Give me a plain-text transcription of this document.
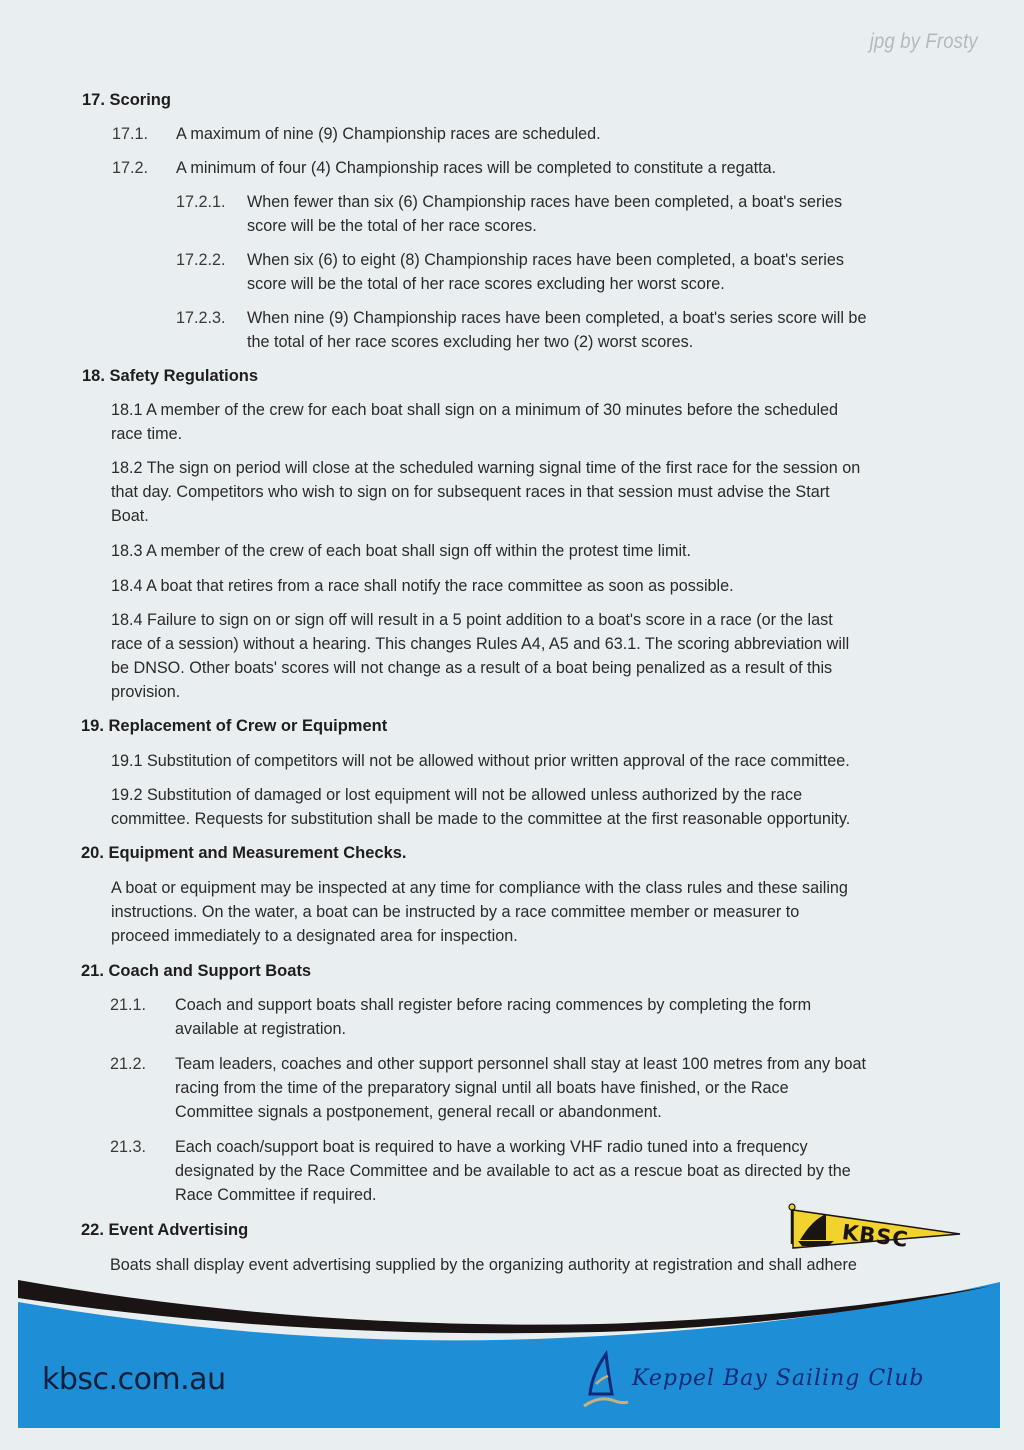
jpg by Frosty
KBSC
17. Scoring
17.1. A maximum of nine (9) Championship races are scheduled.
17.2. A minimum of four (4) Championship races will be completed to constitute a regatta.
17.2.1. When fewer than six (6) Championship races have been completed, a boat's series
score will be the total of her race scores.
17.2.2. When six (6) to eight (8) Championship races have been completed, a boat's series
score will be the total of her race scores excluding her worst score.
17.2.3. When nine (9) Championship races have been completed, a boat's series score will be
the total of her race scores excluding her two (2) worst scores.
18. Safety Regulations
18.1 A member of the crew for each boat shall sign on a minimum of 30 minutes before the scheduled
race time.
18.2 The sign on period will close at the scheduled warning signal time of the first race for the session on
that day. Competitors who wish to sign on for subsequent races in that session must advise the Start
Boat.
18.3 A member of the crew of each boat shall sign off within the protest time limit.
18.4 A boat that retires from a race shall notify the race committee as soon as possible.
18.4 Failure to sign on or sign off will result in a 5 point addition to a boat's score in a race (or the last
race of a session) without a hearing. This changes Rules A4, A5 and 63.1. The scoring abbreviation will
be DNSO. Other boats' scores will not change as a result of a boat being penalized as a result of this
provision.
19. Replacement of Crew or Equipment
19.1 Substitution of competitors will not be allowed without prior written approval of the race committee.
19.2 Substitution of damaged or lost equipment will not be allowed unless authorized by the race
committee. Requests for substitution shall be made to the committee at the first reasonable opportunity.
20. Equipment and Measurement Checks.
A boat or equipment may be inspected at any time for compliance with the class rules and these sailing
instructions. On the water, a boat can be instructed by a race committee member or measurer to
proceed immediately to a designated area for inspection.
21. Coach and Support Boats
21.1. Coach and support boats shall register before racing commences by completing the form
available at registration.
21.2. Team leaders, coaches and other support personnel shall stay at least 100 metres from any boat
racing from the time of the preparatory signal until all boats have finished, or the Race
Committee signals a postponement, general recall or abandonment.
21.3. Each coach/support boat is required to have a working VHF radio tuned into a frequency
designated by the Race Committee and be available to act as a rescue boat as directed by the
Race Committee if required.
22. Event Advertising
Boats shall display event advertising supplied by the organizing authority at registration and shall adhere
kbsc.com.au	Keppel Bay Sailing Club
